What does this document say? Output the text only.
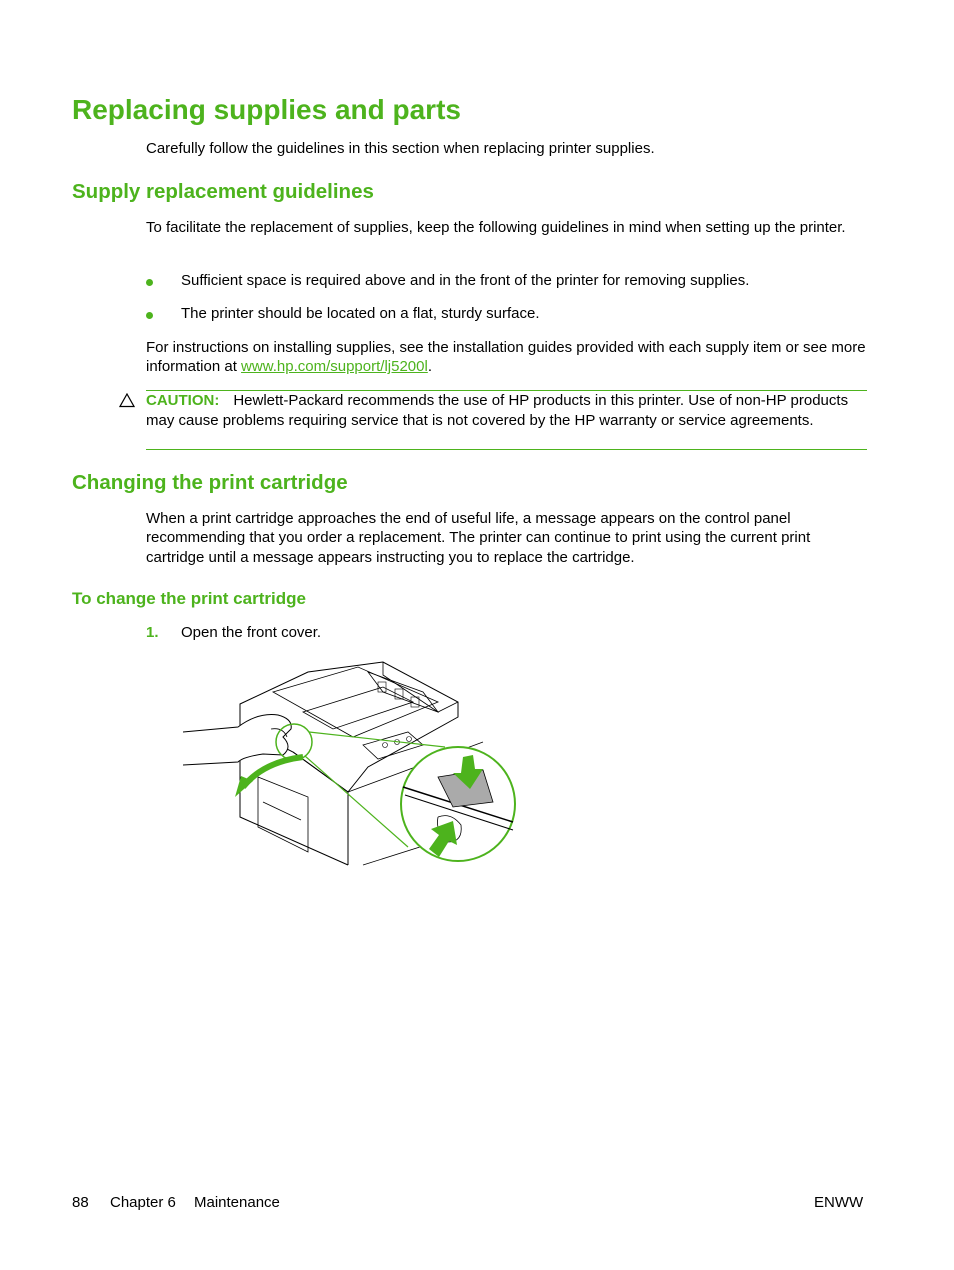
Replacing supplies and parts

Carefully follow the guidelines in this section when replacing printer supplies.

Supply replacement guidelines

To facilitate the replacement of supplies, keep the following guidelines in mind when setting up the printer.

Sufficient space is required above and in the front of the printer for removing supplies.
The printer should be located on a flat, sturdy surface.

For instructions on installing supplies, see the installation guides provided with each supply item or see more information at www.hp.com/support/lj5200l.

CAUTION: Hewlett-Packard recommends the use of HP products in this printer. Use of non-HP products may cause problems requiring service that is not covered by the HP warranty or service agreements.
Changing the print cartridge

When a print cartridge approaches the end of useful life, a message appears on the control panel recommending that you order a replacement. The printer can continue to print using the current print cartridge until a message appears instructing you to replace the cartridge.

To change the print cartridge
1. Open the front cover.
88 Chapter 6 Maintenance	ENWW
